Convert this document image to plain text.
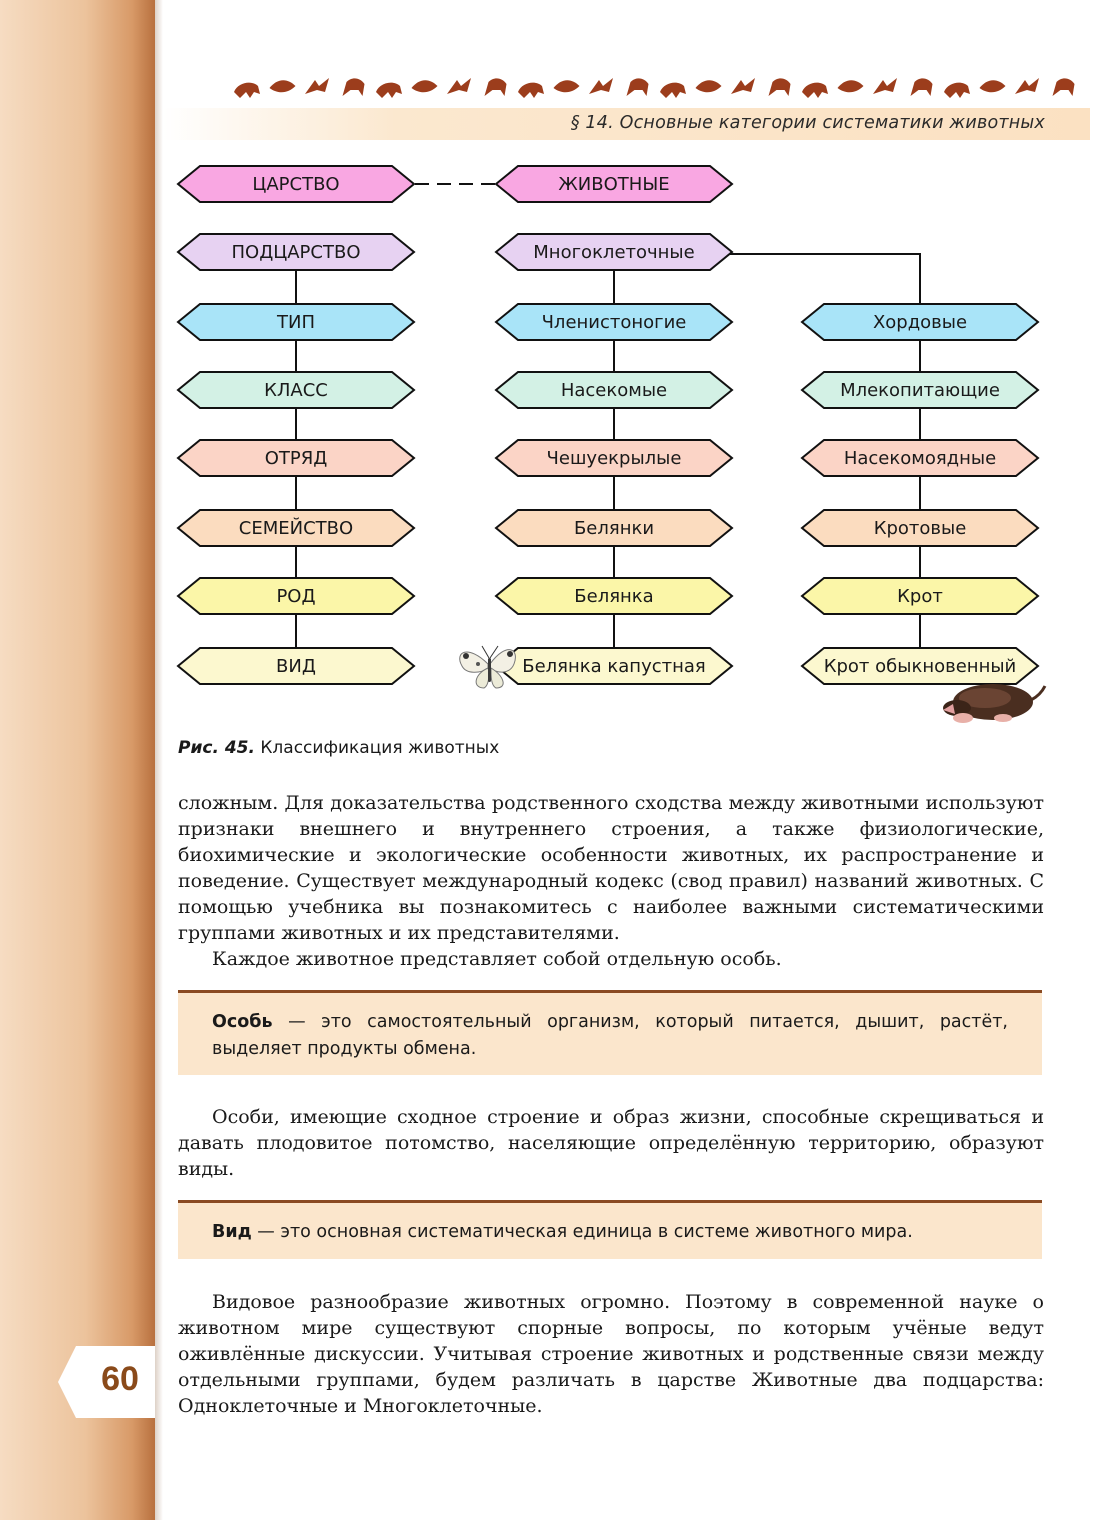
§ 14. Основные категории систематики животных
ЦАРСТВО
ПОДЦАРСТВО
ТИП
КЛАСС
ОТРЯД
СЕМЕЙСТВО
РОД
ВИД
ЖИВОТНЫЕ
Многоклеточные
Членистоногие
Насекомые
Чешуекрылые
Белянки
Белянка
Белянка капустная
Хордовые
Млекопитающие
Насекомоядные
Кротовые
Крот
Крот обыкновенный
Рис. 45. Классификация животных

сложным. Для доказательства родственного сходства между животными используют признаки внешнего и внутреннего строения, а также физиологические, биохимические и экологические особенности животных, их распространение и поведение. Существует международный кодекс (свод правил) названий животных. С помощью учебника вы познакомитесь с наиболее важными систематическими группами животных и их представителями.

Каждое животное представляет собой отдельную особь.

Особь — это самостоятельный организм, который питается, дышит, растёт, выделяет продукты обмена.

Особи, имеющие сходное строение и образ жизни, способные скрещиваться и давать плодовитое потомство, населяющие определённую территорию, образуют виды.

Вид — это основная систематическая единица в системе животного мира.

Видовое разнообразие животных огромно. Поэтому в современной науке о животном мире существуют спорные вопросы, по которым учёные ведут оживлённые дискуссии. Учитывая строение животных и родственные связи между отдельными группами, будем различать в царстве Животные два подцарства: Одноклеточные и Многоклеточные.

60
